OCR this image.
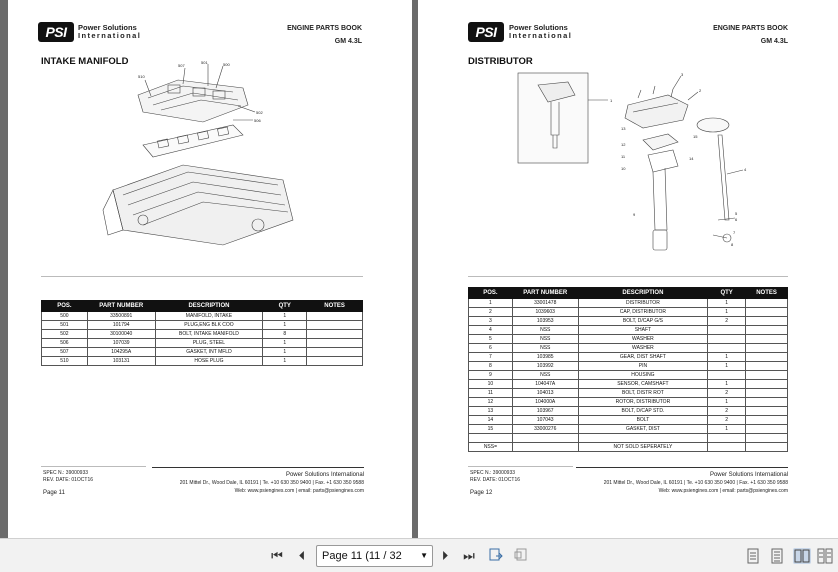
PSI	Power Solutions
International
ENGINE PARTS BOOK
GM 4.3L
INTAKE MANIFOLD
510
507
501	500
502
506
POS.	PART NUMBER	DESCRIPTION	QTY	NOTES
500	33500891	MANIFOLD, INTAKE	1	
501	101794	PLUG,ENG BLK COO	1	
502	30100040	BOLT, INTAKE MANIFOLD	8	
506	107039	PLUG, STEEL	1	
507	104295A	GASKET, INT MFLD	1	
510	103131	HOSE PLUG	1	
SPEC N.: 39000933
REV. DATE: 01OCT16
Page 11
Power Solutions International
201 Mittel Dr., Wood Dale, IL 60191 | Te. +10 630 350 9400 | Fax. +1 630 350 9588
Web: www.psiengines.com | email: parts@psiengines.com
PSI	Power Solutions
International
ENGINE PARTS BOOK
GM 4.3L
DISTRIBUTOR
1
2
3
4
5
6
7
8
9
10
11
12
13
14
15
POS.	PART NUMBER	DESCRIPTION	QTY	NOTES
1	33001478	DISTRIBUTOR	1	
2	1039603	CAP, DISTRIBUTOR	1	
3	103953	BOLT, D/CAP G/S	2	
4	NSS	SHAFT		
5	NSS	WASHER		
6	NSS	WASHER		
7	103985	GEAR, DIST SHAFT	1	
8	103992	PIN	1	
9	NSS	HOUSING		
10	104047A	SENSOR, CAMSHAFT	1	
11	104013	BOLT, DISTR ROT	2	
12	104000A	ROTOR, DISTRIBUTOR	1	
13	103967	BOLT, D/CAP STD.	2	
14	107043	BOLT	2	
15	33000276	GASKET, DIST	1	

NSS=		NOT SOLD SEPERATELY		
SPEC N.: 39000933
REV. DATE: 01OCT16
Page 12
Power Solutions International
201 Mittel Dr., Wood Dale, IL 60191 | Te. +10 630 350 9400 | Fax. +1 630 350 9588
Web: www.psiengines.com | email: parts@psiengines.com
⏮	⏴	Page 11 (11 / 32 ▼	⏵	⏭
